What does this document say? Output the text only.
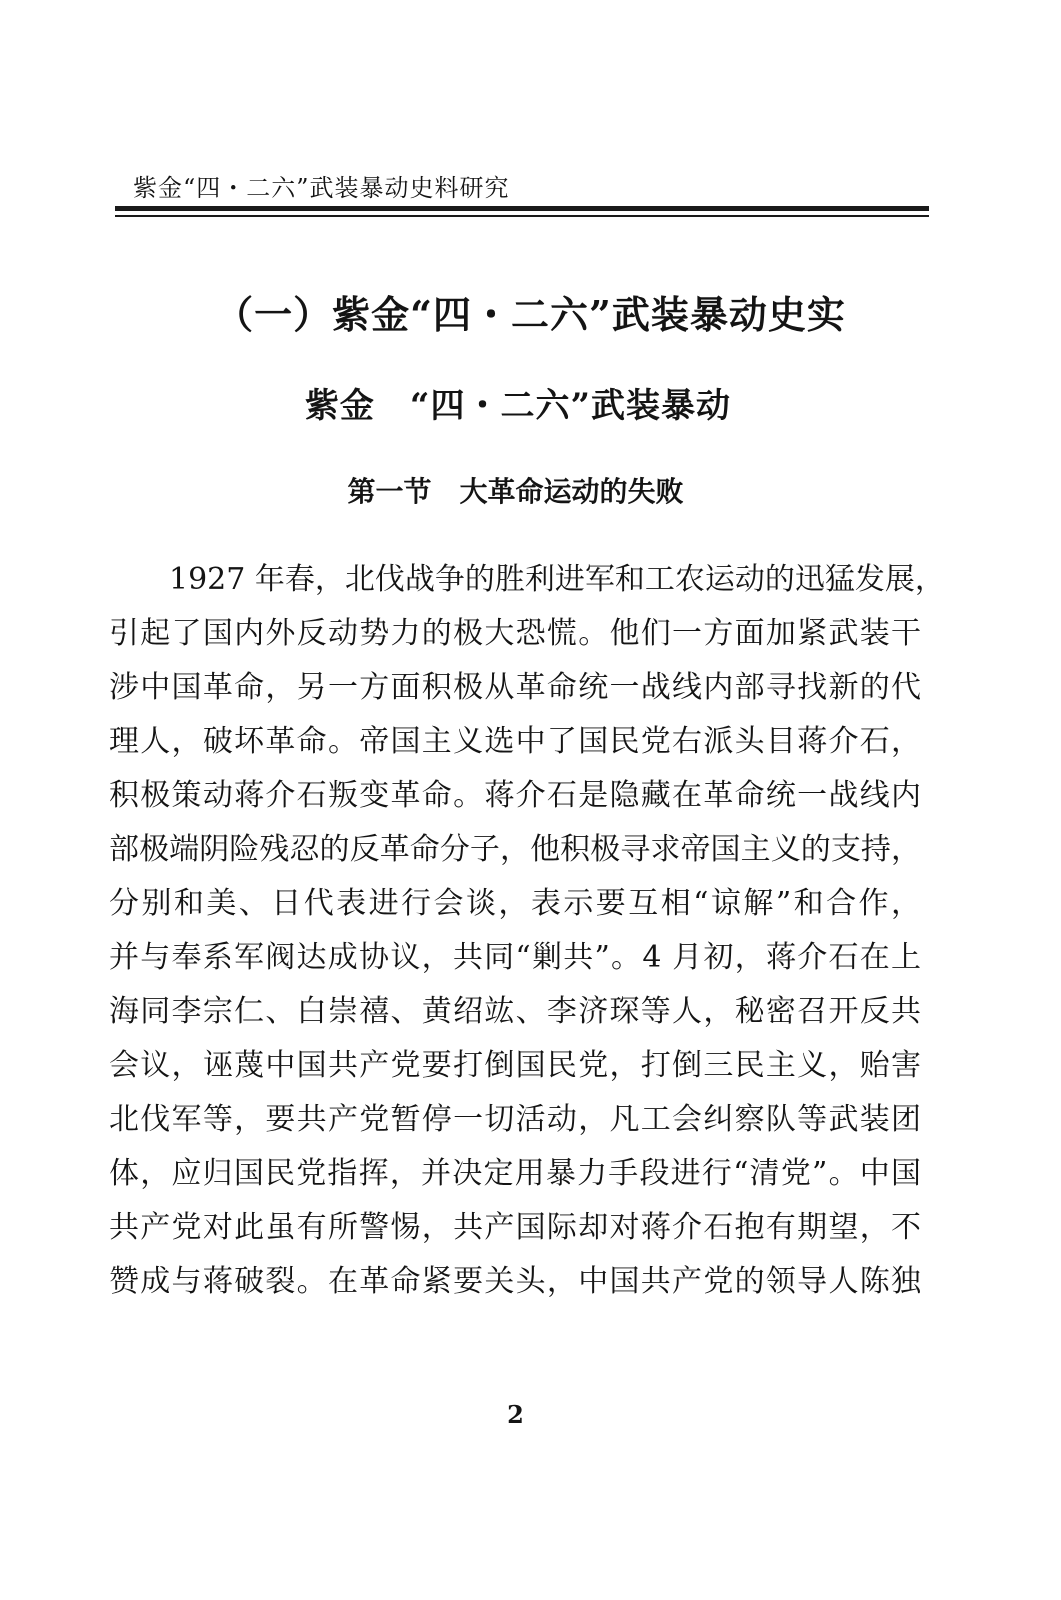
紫金“四・二六”武装暴动史料研究
（一）紫金“四・二六”武装暴动史实
紫金　“四・二六”武装暴动
第一节　大革命运动的失败
1927 年春，北伐战争的胜利进军和工农运动的迅猛发展，
引起了国内外反动势力的极大恐慌。他们一方面加紧武装干
涉中国革命，另一方面积极从革命统一战线内部寻找新的代
理人，破坏革命。帝国主义选中了国民党右派头目蒋介石，
积极策动蒋介石叛变革命。蒋介石是隐藏在革命统一战线内
部极端阴险残忍的反革命分子，他积极寻求帝国主义的支持，
分别和美、日代表进行会谈，表示要互相“谅解”和合作，
并与奉系军阀达成协议，共同“剿共”。4 月初，蒋介石在上
海同李宗仁、白崇禧、黄绍竑、李济琛等人，秘密召开反共
会议，诬蔑中国共产党要打倒国民党，打倒三民主义，贻害
北伐军等，要共产党暂停一切活动，凡工会纠察队等武装团
体，应归国民党指挥，并决定用暴力手段进行“清党”。中国
共产党对此虽有所警惕，共产国际却对蒋介石抱有期望，不
赞成与蒋破裂。在革命紧要关头，中国共产党的领导人陈独
2
